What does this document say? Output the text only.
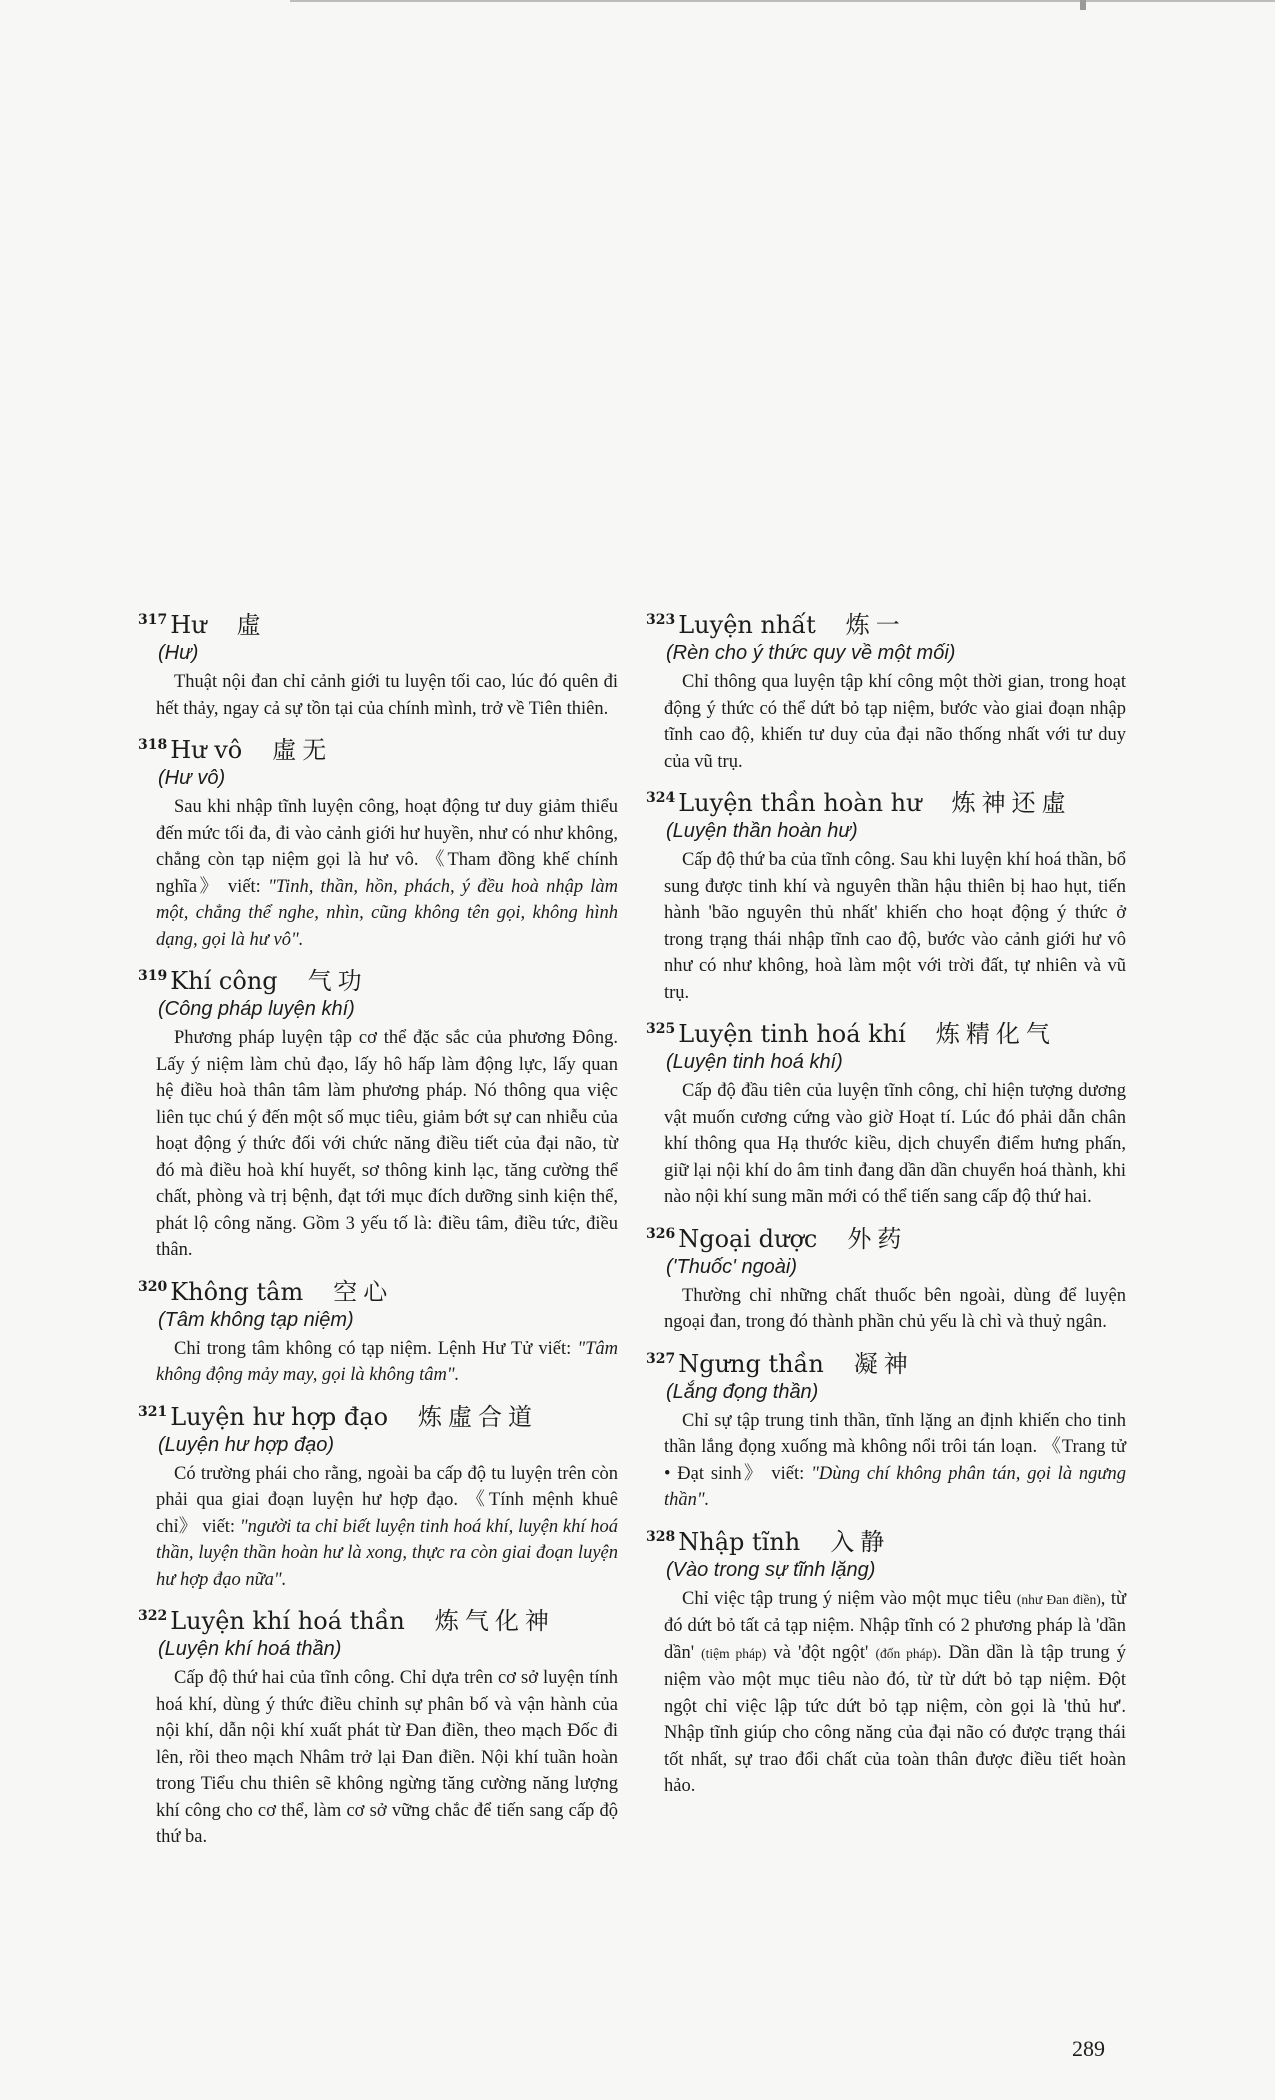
317 Hư 虛
(Hư)

Thuật nội đan chỉ cảnh giới tu luyện tối cao, lúc đó quên đi hết thảy, ngay cả sự tồn tại của chính mình, trở về Tiên thiên.

318 Hư vô 虛无
(Hư vô)

Sau khi nhập tĩnh luyện công, hoạt động tư duy giảm thiểu đến mức tối đa, đi vào cảnh giới hư huyền, như có như không, chẳng còn tạp niệm gọi là hư vô. 《Tham đồng khế chính nghĩa》 viết: "Tinh, thần, hồn, phách, ý đều hoà nhập làm một, chẳng thể nghe, nhìn, cũng không tên gọi, không hình dạng, gọi là hư vô".

319 Khí công 气功
(Công pháp luyện khí)

Phương pháp luyện tập cơ thể đặc sắc của phương Đông. Lấy ý niệm làm chủ đạo, lấy hô hấp làm động lực, lấy quan hệ điều hoà thân tâm làm phương pháp. Nó thông qua việc liên tục chú ý đến một số mục tiêu, giảm bớt sự can nhiễu của hoạt động ý thức đối với chức năng điều tiết của đại não, từ đó mà điều hoà khí huyết, sơ thông kinh lạc, tăng cường thể chất, phòng và trị bệnh, đạt tới mục đích dưỡng sinh kiện thể, phát lộ công năng. Gồm 3 yếu tố là: điều tâm, điều tức, điều thân.

320 Không tâm 空心
(Tâm không tạp niệm)

Chỉ trong tâm không có tạp niệm. Lệnh Hư Tử viết: "Tâm không động mảy may, gọi là không tâm".

321 Luyện hư hợp đạo 炼虛合道
(Luyện hư hợp đạo)

Có trường phái cho rằng, ngoài ba cấp độ tu luyện trên còn phải qua giai đoạn luyện hư hợp đạo. 《Tính mệnh khuê chỉ》 viết: "người ta chỉ biết luyện tinh hoá khí, luyện khí hoá thần, luyện thần hoàn hư là xong, thực ra còn giai đoạn luyện hư hợp đạo nữa".

322 Luyện khí hoá thần 炼气化神
(Luyện khí hoá thần)

Cấp độ thứ hai của tĩnh công. Chỉ dựa trên cơ sở luyện tính hoá khí, dùng ý thức điều chỉnh sự phân bố và vận hành của nội khí, dẫn nội khí xuất phát từ Đan điền, theo mạch Đốc đi lên, rồi theo mạch Nhâm trở lại Đan điền. Nội khí tuần hoàn trong Tiểu chu thiên sẽ không ngừng tăng cường năng lượng khí công cho cơ thể, làm cơ sở vững chắc để tiến sang cấp độ thứ ba.

323 Luyện nhất 炼一
(Rèn cho ý thức quy về một mối)

Chỉ thông qua luyện tập khí công một thời gian, trong hoạt động ý thức có thể dứt bỏ tạp niệm, bước vào giai đoạn nhập tĩnh cao độ, khiến tư duy của đại não thống nhất với tư duy của vũ trụ.

324 Luyện thần hoàn hư 炼神还虛
(Luyện thần hoàn hư)

Cấp độ thứ ba của tĩnh công. Sau khi luyện khí hoá thần, bổ sung được tinh khí và nguyên thần hậu thiên bị hao hụt, tiến hành 'bão nguyên thủ nhất' khiến cho hoạt động ý thức ở trong trạng thái nhập tĩnh cao độ, bước vào cảnh giới hư vô như có như không, hoà làm một với trời đất, tự nhiên và vũ trụ.

325 Luyện tinh hoá khí 炼精化气
(Luyện tinh hoá khí)

Cấp độ đầu tiên của luyện tĩnh công, chỉ hiện tượng dương vật muốn cương cứng vào giờ Hoạt tí. Lúc đó phải dẫn chân khí thông qua Hạ thước kiều, dịch chuyển điểm hưng phấn, giữ lại nội khí do âm tinh đang dần dần chuyển hoá thành, khi nào nội khí sung mãn mới có thể tiến sang cấp độ thứ hai.

326 Ngoại dược 外药
('Thuốc' ngoài)

Thường chỉ những chất thuốc bên ngoài, dùng để luyện ngoại đan, trong đó thành phần chủ yếu là chì và thuỷ ngân.

327 Ngưng thần 凝神
(Lắng đọng thần)

Chỉ sự tập trung tinh thần, tĩnh lặng an định khiến cho tinh thần lắng đọng xuống mà không nổi trôi tán loạn. 《Trang tử • Đạt sinh》 viết: "Dùng chí không phân tán, gọi là ngưng thần".

328 Nhập tĩnh 入静
(Vào trong sự tĩnh lặng)

Chỉ việc tập trung ý niệm vào một mục tiêu (như Đan điền), từ đó dứt bỏ tất cả tạp niệm. Nhập tĩnh có 2 phương pháp là 'dần dần' (tiệm pháp) và 'đột ngột' (đốn pháp). Dần dần là tập trung ý niệm vào một mục tiêu nào đó, từ từ dứt bỏ tạp niệm. Đột ngột chỉ việc lập tức dứt bỏ tạp niệm, còn gọi là 'thủ hư'. Nhập tĩnh giúp cho công năng của đại não có được trạng thái tốt nhất, sự trao đổi chất của toàn thân được điều tiết hoàn hảo.

289
